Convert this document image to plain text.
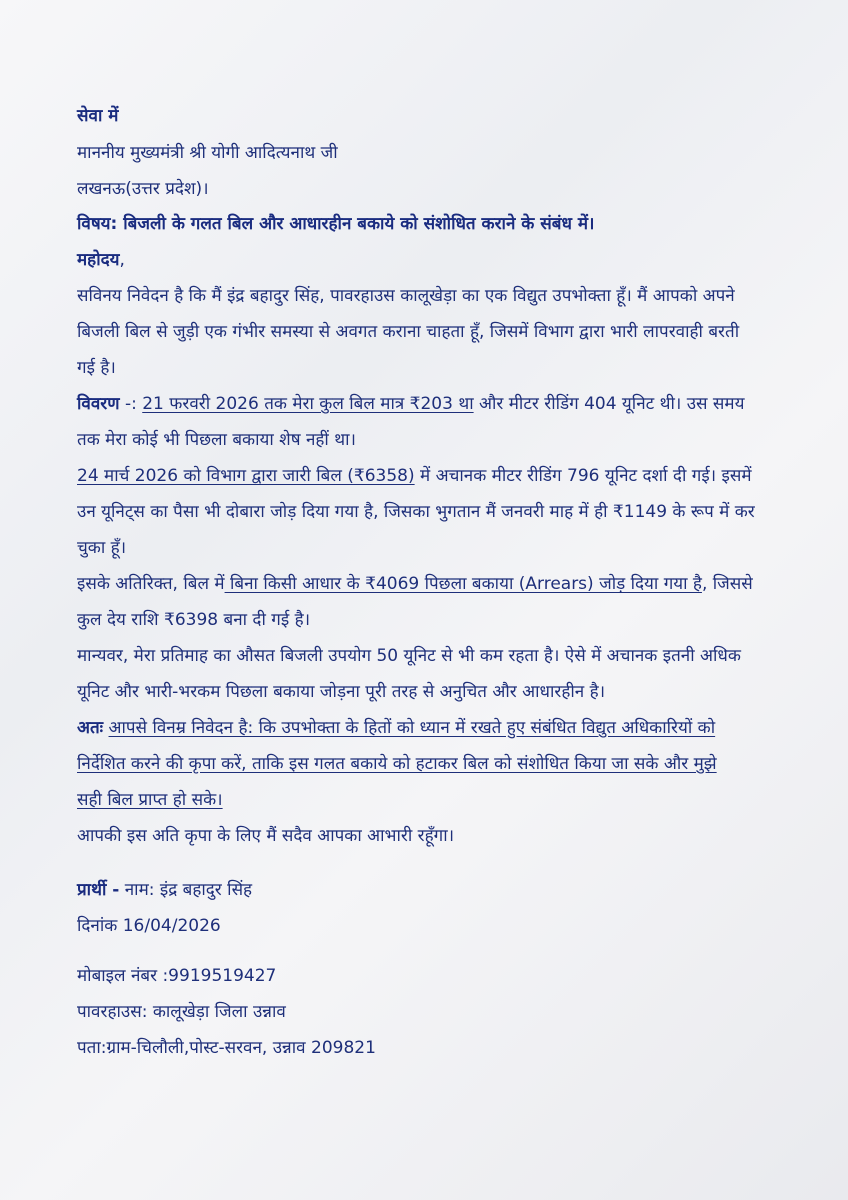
सेवा में
माननीय मुख्यमंत्री श्री योगी आदित्यनाथ जी
लखनऊ(उत्तर प्रदेश)।
विषय: बिजली के गलत बिल और आधारहीन बकाये को संशोधित कराने के संबंध में।
महोदय,
सविनय निवेदन है कि मैं इंद्र बहादुर सिंह, पावरहाउस कालूखेड़ा का एक विद्युत उपभोक्ता हूँ। मैं आपको अपने
बिजली बिल से जुड़ी एक गंभीर समस्या से अवगत कराना चाहता हूँ, जिसमें विभाग द्वारा भारी लापरवाही बरती
गई है।
विवरण -: 21 फरवरी 2026 तक मेरा कुल बिल मात्र ₹203 था और मीटर रीडिंग 404 यूनिट थी। उस समय
तक मेरा कोई भी पिछला बकाया शेष नहीं था।
24 मार्च 2026 को विभाग द्वारा जारी बिल (₹6358) में अचानक मीटर रीडिंग 796 यूनिट दर्शा दी गई। इसमें
उन यूनिट्स का पैसा भी दोबारा जोड़ दिया गया है, जिसका भुगतान मैं जनवरी माह में ही ₹1149 के रूप में कर
चुका हूँ।
इसके अतिरिक्त, बिल में बिना किसी आधार के ₹4069 पिछला बकाया (Arrears) जोड़ दिया गया है, जिससे
कुल देय राशि ₹6398 बना दी गई है।
मान्यवर, मेरा प्रतिमाह का औसत बिजली उपयोग 50 यूनिट से भी कम रहता है। ऐसे में अचानक इतनी अधिक
यूनिट और भारी-भरकम पिछला बकाया जोड़ना पूरी तरह से अनुचित और आधारहीन है।
अतः आपसे विनम्र निवेदन है: कि उपभोक्ता के हितों को ध्यान में रखते हुए संबंधित विद्युत अधिकारियों को
निर्देशित करने की कृपा करें, ताकि इस गलत बकाये को हटाकर बिल को संशोधित किया जा सके और मुझे
सही बिल प्राप्त हो सके।
आपकी इस अति कृपा के लिए मैं सदैव आपका आभारी रहूँगा।
प्रार्थी - नाम: इंद्र बहादुर सिंह
दिनांक 16/04/2026
मोबाइल नंबर :9919519427
पावरहाउस: कालूखेड़ा जिला उन्नाव
पता:ग्राम-चिलौली,पोस्ट-सरवन, उन्नाव 209821
